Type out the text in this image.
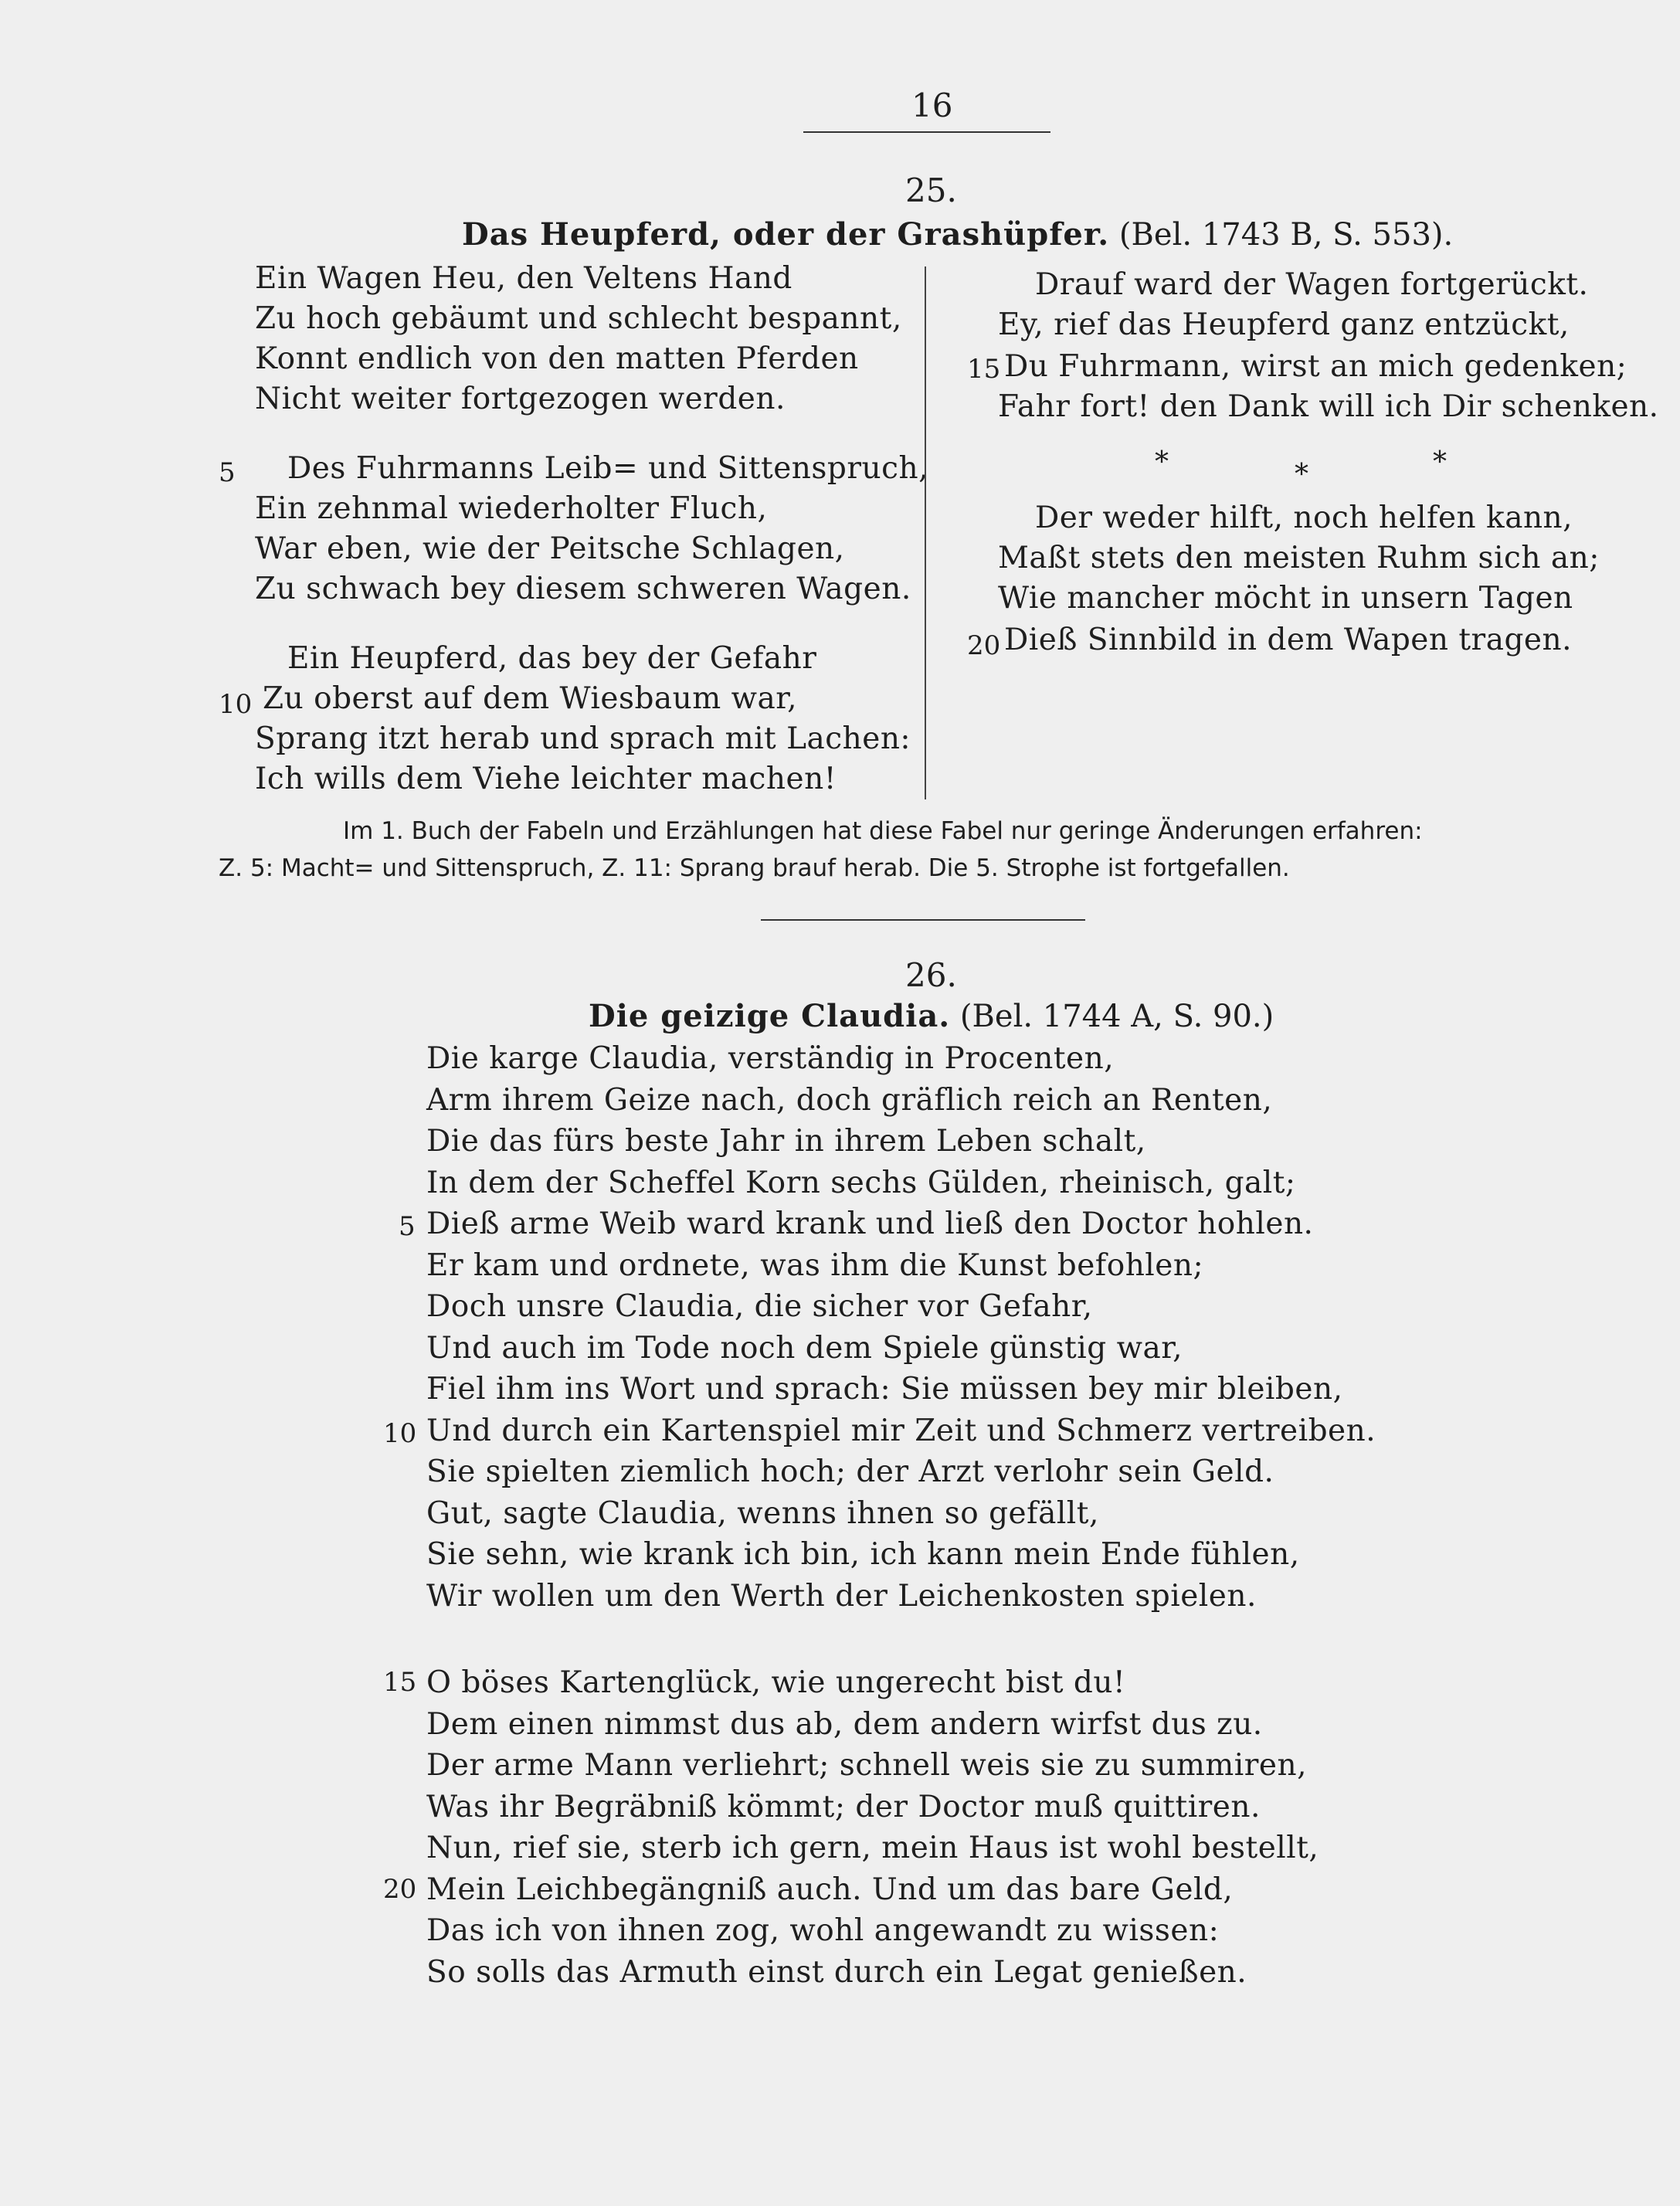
16
25.
Das Heupferd, oder der Grashüpfer. (Bel. 1743 B, S. 553).
Ein Wagen Heu, den Veltens Hand
Zu hoch gebäumt und schlecht bespannt,
Konnt endlich von den matten Pferden
Nicht weiter fortgezogen werden.
Des Fuhrmanns Leib= und Sittenspruch,
Ein zehnmal wiederholter Fluch,
War eben, wie der Peitsche Schlagen,
Zu schwach bey diesem schweren Wagen.
Ein Heupferd, das bey der Gefahr
Zu oberst auf dem Wiesbaum war,
Sprang itzt herab und sprach mit Lachen:
Ich wills dem Viehe leichter machen!
Drauf ward der Wagen fortgerückt.
Ey, rief das Heupferd ganz entzückt,
Du Fuhrmann, wirst an mich gedenken;
Fahr fort! den Dank will ich Dir schenken.
Der weder hilft, noch helfen kann,
Maßt stets den meisten Ruhm sich an;
Wie mancher möcht in unsern Tagen
Dieß Sinnbild in dem Wapen tragen.
5
10
15
20
*	*	*
Im 1. Buch der Fabeln und Erzählungen hat diese Fabel nur geringe Änderungen erfahren:
Z. 5: Macht= und Sittenspruch, Z. 11: Sprang brauf herab. Die 5. Strophe ist fortgefallen.
26.
Die geizige Claudia. (Bel. 1744 A, S. 90.)
Die karge Claudia, verständig in Procenten,
Arm ihrem Geize nach, doch gräflich reich an Renten,
Die das fürs beste Jahr in ihrem Leben schalt,
In dem der Scheffel Korn sechs Gülden, rheinisch, galt;
Dieß arme Weib ward krank und ließ den Doctor hohlen.
Er kam und ordnete, was ihm die Kunst befohlen;
Doch unsre Claudia, die sicher vor Gefahr,
Und auch im Tode noch dem Spiele günstig war,
Fiel ihm ins Wort und sprach: Sie müssen bey mir bleiben,
Und durch ein Kartenspiel mir Zeit und Schmerz vertreiben.
Sie spielten ziemlich hoch; der Arzt verlohr sein Geld.
Gut, sagte Claudia, wenns ihnen so gefällt,
Sie sehn, wie krank ich bin, ich kann mein Ende fühlen,
Wir wollen um den Werth der Leichenkosten spielen.
O böses Kartenglück, wie ungerecht bist du!
Dem einen nimmst dus ab, dem andern wirfst dus zu.
Der arme Mann verliehrt; schnell weis sie zu summiren,
Was ihr Begräbniß kömmt; der Doctor muß quittiren.
Nun, rief sie, sterb ich gern, mein Haus ist wohl bestellt,
Mein Leichbegängniß auch. Und um das bare Geld,
Das ich von ihnen zog, wohl angewandt zu wissen:
So solls das Armuth einst durch ein Legat genießen.
5
10
15
20
